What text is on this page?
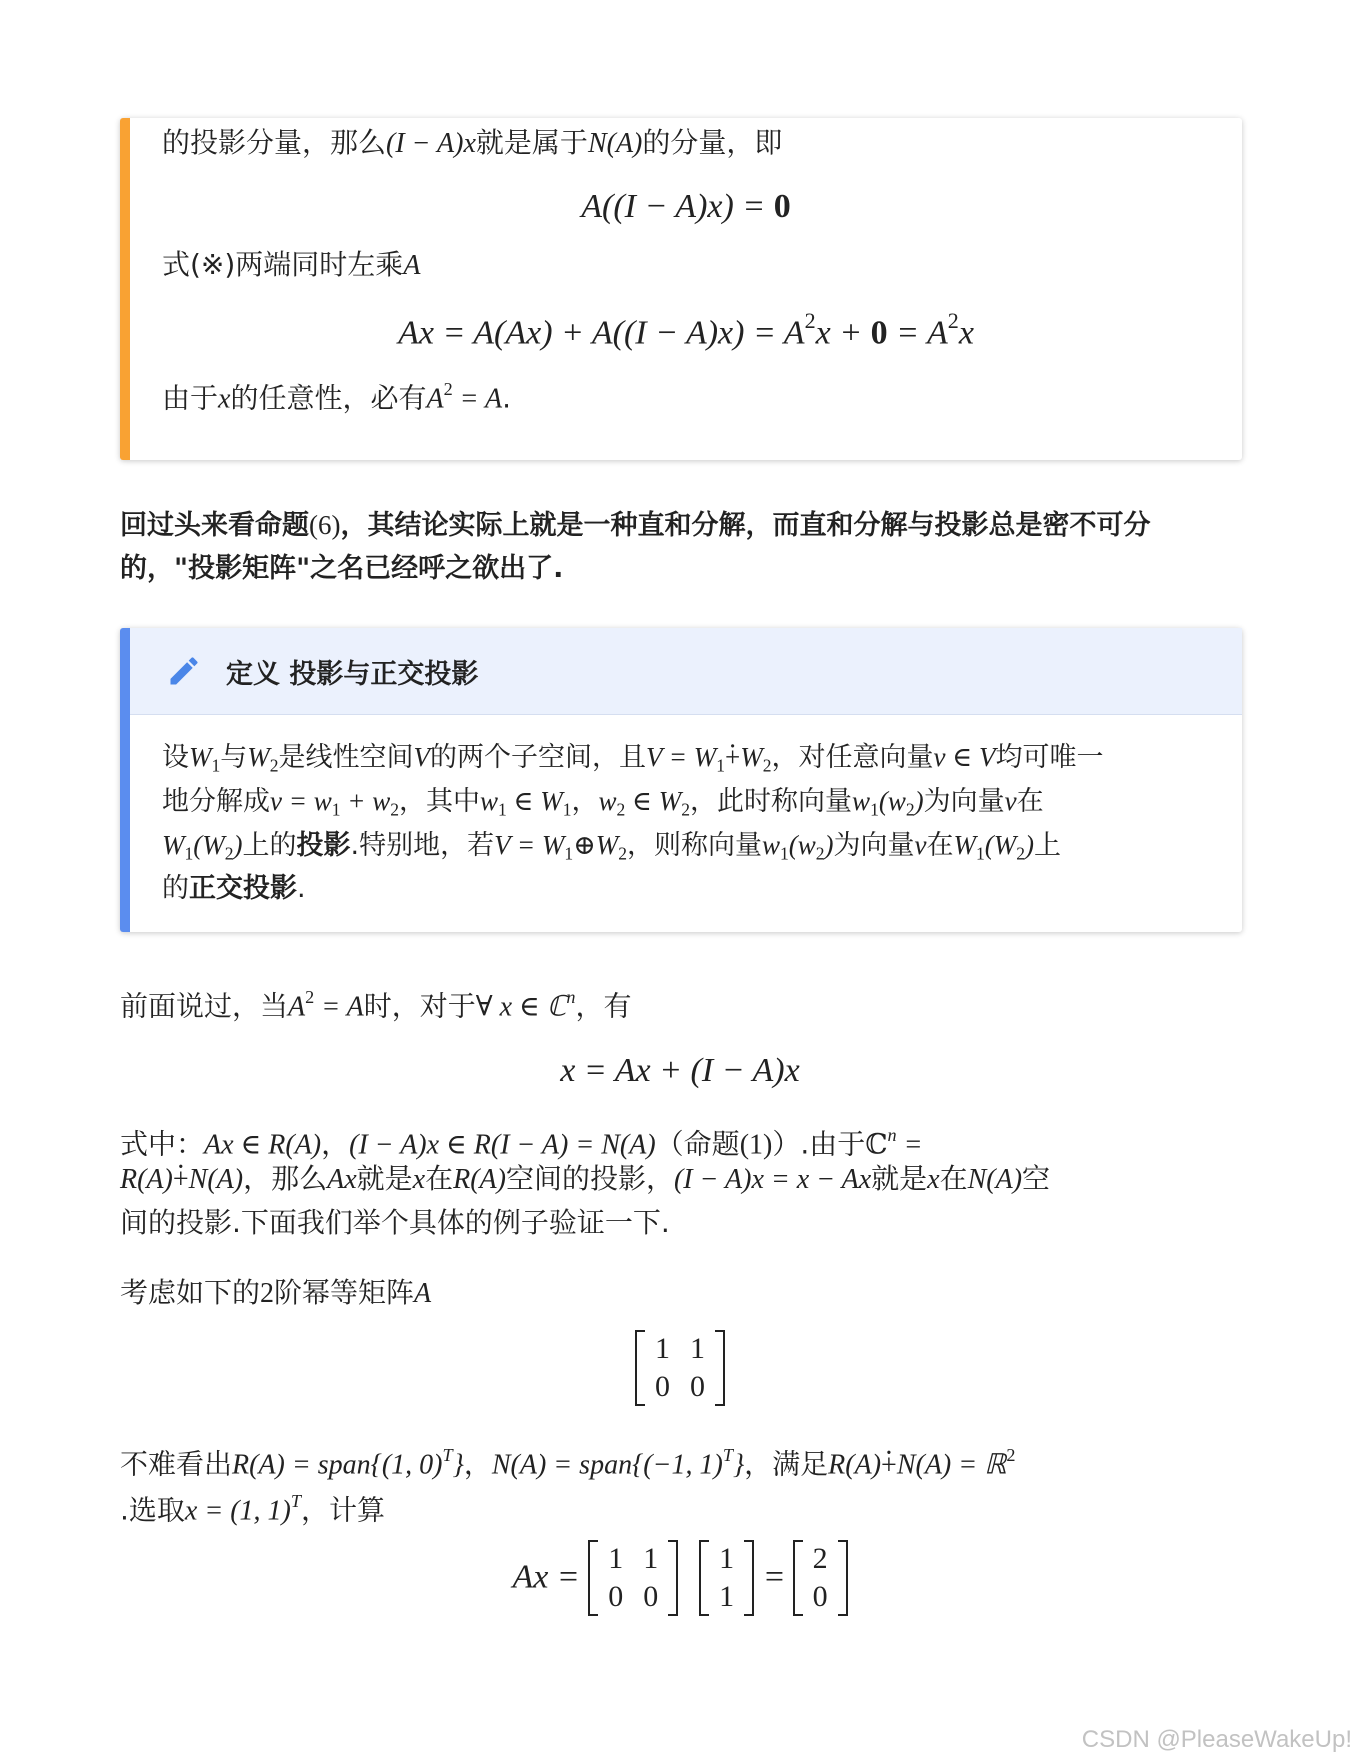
的投影分量，那么(I − A)x就是属于N(A)的分量，即
A((I − A)x) = 0
式(※)两端同时左乘A
$Ax = A(Ax) + A((I - A)x) = A^2x + 0 = A^2x$
由于x的任意性，必有$A^2 = A$.
回过头来看命题(6)，其结论实际上就是一种直和分解，而直和分解与投影总是密不可分
的，"投影矩阵"之名已经呼之欲出了.
定义 投影与正交投影
设$W_1$与$W_2$是线性空间V的两个子空间，且$V = W_1\cdot +W_2$，对任意向量v ∈ V均可唯一
地分解成$v = w_1 + w_2$，其中$w_1$ ∈ $W_1$，$w_2$ ∈ $W_2$，此时称向量$w_1(w_2)$为向量v在
$W_1(W_2)$上的投影.特别地，若$V = W_1\oplus W_2$，则称向量$w_1(w_2)$为向量v在$W_1(W_2)$上
的正交投影.
前面说过，当$A^2 = A$时，对于∀ x ∈ ℂ$^n$，有
x = Ax + (I − A)x
式中：Ax ∈ R(A)，(I − A)x ∈ R(I − A) = N(A)（命题(1)）.由于ℂ$^n$ =
R(A)· +N(A)，那么Ax就是x在R(A)空间的投影，(I − A)x = x − Ax就是x在N(A)空
间的投影.下面我们举个具体的例子验证一下.
考虑如下的2阶幂等矩阵A
1	1
0	0
不难看出R(A) = span{(1, 0)$^T$}，N(A) = span{(−1, 1)$^T$}，满足R(A)· +N(A) = ℝ$^2$
.选取x = (1, 1)$^T$，计算
Ax = 1	1
0	0

1
1
= 2
0
CSDN @PleaseWakeUp!
